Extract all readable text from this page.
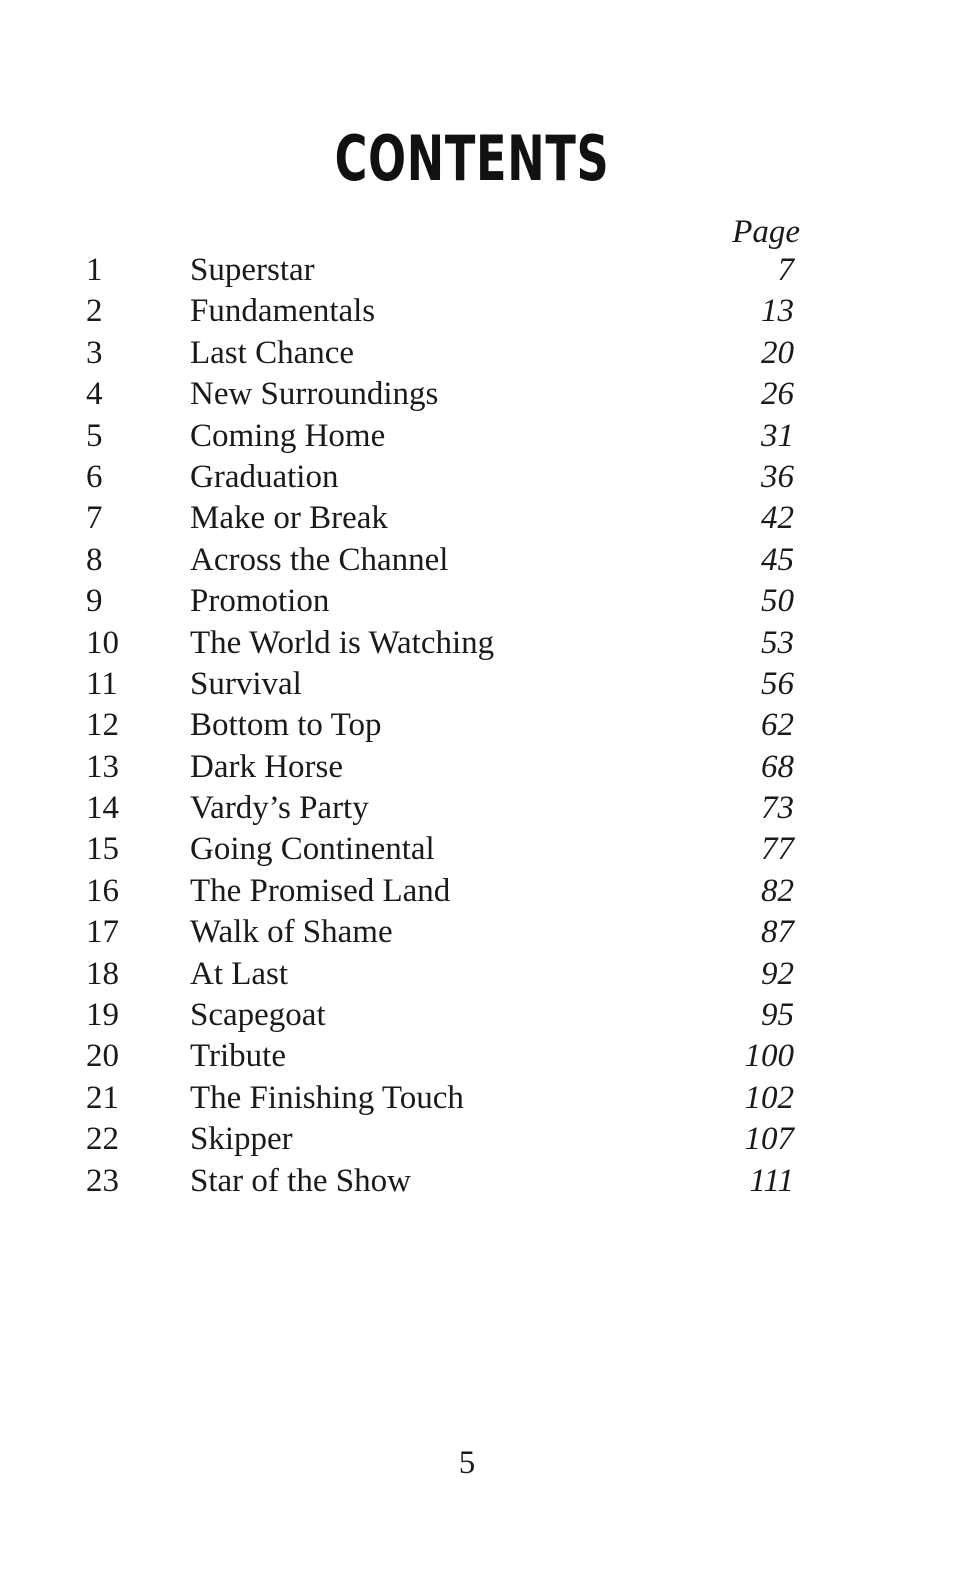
CONTENTS
Page
1	Superstar	7
2	Fundamentals	13
3	Last Chance	20
4	New Surroundings	26
5	Coming Home	31
6	Graduation	36
7	Make or Break	42
8	Across the Channel	45
9	Promotion	50
10	The World is Watching	53
11	Survival	56
12	Bottom to Top	62
13	Dark Horse	68
14	Vardy’s Party	73
15	Going Continental	77
16	The Promised Land	82
17	Walk of Shame	87
18	At Last	92
19	Scapegoat	95
20	Tribute	100
21	The Finishing Touch	102
22	Skipper	107
23	Star of the Show	111
5
